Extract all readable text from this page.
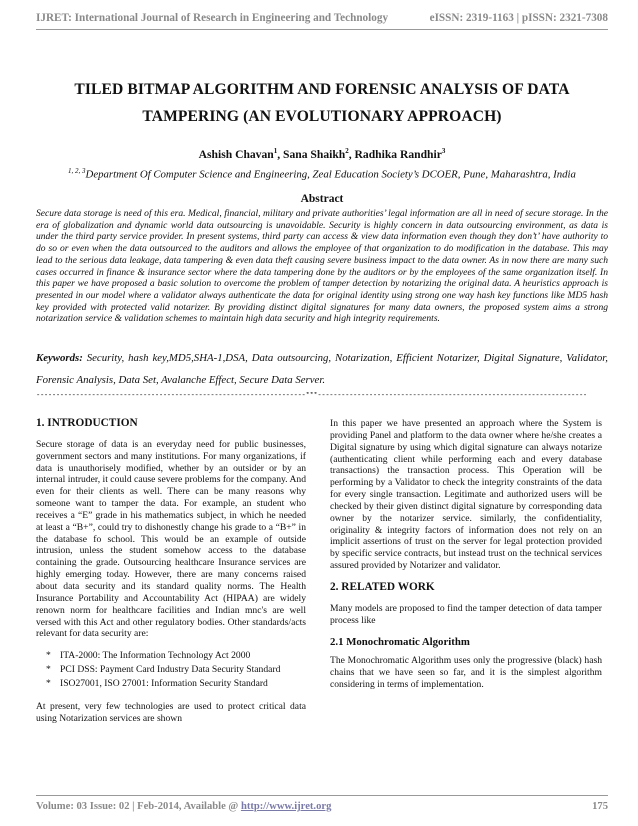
IJRET: International Journal of Research in Engineering and Technology	eISSN: 2319-1163 | pISSN: 2321-7308
TILED BITMAP ALGORITHM AND FORENSIC ANALYSIS OF DATA
TAMPERING (AN EVOLUTIONARY APPROACH)
Ashish Chavan$^1$, Sana Shaikh$^2$, Radhika Randhir$^3$
$^{1, 2, 3}$Department Of Computer Science and Engineering, Zeal Education Society’s DCOER, Pune, Maharashtra, India
Abstract
Secure data storage is need of this era. Medical, financial, military and private authorities’ legal information are all in need of secure storage. In the era of globalization and dynamic world data outsourcing is unavoidable. Security is highly concern in data outsourcing environment, as data is under the third party service provider. In present systems, third party can access & view data information even though they don’t’ have authority to do so or even when the data outsourced to the auditors and allows the employee of that organization to do modification in the database. This may lead to the serious data leakage, data tampering & even data theft causing severe business impact to the data owner. As in now there are many such cases occurred in finance & insurance sector where the data tampering done by the auditors or by the employees of the same organization itself. In this paper we have proposed a basic solution to overcome the problem of tamper detection by notarizing the original data. A heuristics approach is presented in our model where a validator always authenticate the data for original identity using strong one way hash key functions like MD5 hash key provided with protected valid notarizer. By providing distinct digital signatures for many data owners, the proposed system aims a strong notarization service & validation schemes to maintain high data security and high integrity requirements.
Keywords: Security, hash key,MD5,SHA-1,DSA, Data outsourcing, Notarization, Efficient Notarizer, Digital Signature, Validator, Forensic Analysis, Data Set, Avalanche Effect, Secure Data Server.
--------------------------------------------------------------------***--------------------------------------------------------------------
1. INTRODUCTION

Secure storage of data is an everyday need for public businesses, government sectors and many institutions. For many organizations, if data is unauthorisely modified, whether by an outsider or by an internal intruder, it could cause severe problems for the company. And even for their clients as well. There can be many reasons why someone want to tamper the data. For example, an student who receives a “E” grade in his mathematics subject, in which he needed at least a “B+”, could try to dishonestly change his grade to a “B+” in the database fo school. This would be an example of outside intrusion, unless the student somehow access to the database containing the grade. Outsourcing healthcare Insurance services are highly emerging today. However, there are many concerns raised about data security and its standard quality norms. The Health Insurance Portability and Accountability Act (HIPAA) are widely renown norm for healthcare facilities and Indian mnc's are well versed with this Act and other regulatory bodies. Other standards/acts relevant for data security are:

* ITA-2000: The Information Technology Act 2000
* PCI DSS: Payment Card Industry Data Security Standard
* ISO27001, ISO 27001: Information Security Standard

At present, very few technologies are used to protect critical data using Notarization services are shown

In this paper we have presented an approach where the System is providing Panel and platform to the data owner where he/she creates a Digital signature by using which digital signature can always notarize (authenticating client while performing each and every database transactions) the transaction process. This Operation will be performing by a Validator to check the integrity constraints of the data for every single transaction. Legitimate and authorized users will be checked by their given distinct digital signature by corresponding data owner by the notarizer service. similarly, the confidentiality, originality & integrity factors of information does not rely on an implicit assertions of trust on the server for legal protection provided by specific service contracts, but instead trust on the technical services assured provided by Notarizer and validator.

2. RELATED WORK

Many models are proposed to find the tamper detection of data tamper process like

2.1 Monochromatic Algorithm

The Monochromatic Algorithm uses only the progressive (black) hash chains that we have seen so far, and it is the simplest algorithm considering in terms of implementation.

Volume: 03 Issue: 02 | Feb-2014, Available @ http://www.ijret.org	175
